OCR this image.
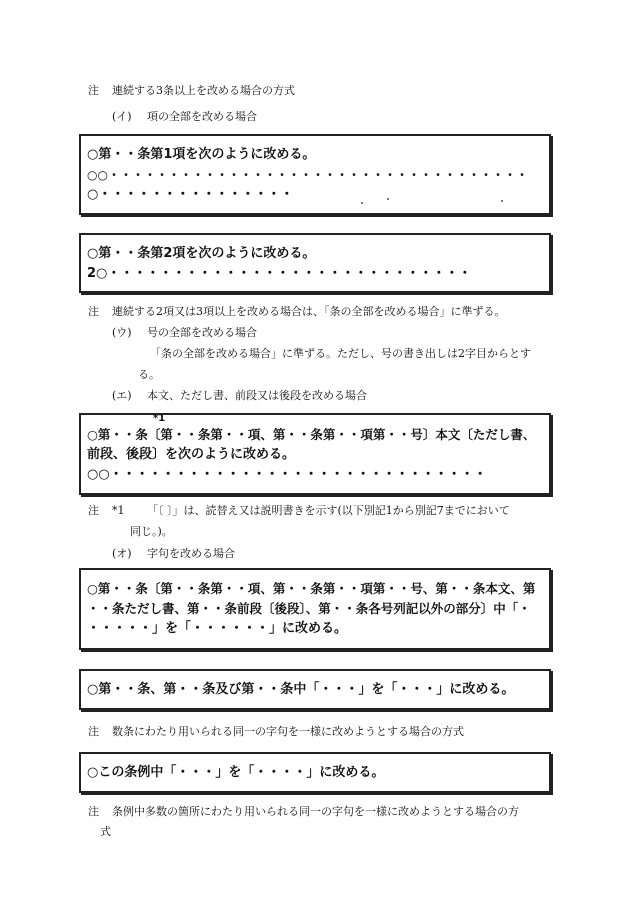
注 連続する3条以上を改める場合の方式
(イ) 項の全部を改める場合
○第・・条第1項を次のように改める。
○○・・・・・・・・・・・・・・・・・・・・・・・・・・・・・・・・・・・
○・・・・・・・・・・・・・・・
○第・・条第2項を次のように改める。
2○・・・・・・・・・・・・・・・・・・・・・・・・・・・・
注 連続する2項又は3項以上を改める場合は、「条の全部を改める場合」に準ずる。
(ウ) 号の全部を改める場合
「条の全部を改める場合」に準ずる。ただし、号の書き出しは2字目からとす
る。
(エ) 本文、ただし書、前段又は後段を改める場合
*1
○第・・条〔第・・条第・・項、第・・条第・・項第・・号〕本文〔ただし書、
前段、後段〕を次のように改める。
○○・・・・・・・・・・・・・・・・・・・・・・・・・・・・・
注 *1 「〔 〕」は、読替え又は説明書きを示す(以下別記1から別記7までにおいて
同じ。)。
(オ) 字句を改める場合
○第・・条〔第・・条第・・項、第・・条第・・項第・・号、第・・条本文、第
・・条ただし書、第・・条前段〔後段〕、第・・条各号列記以外の部分〕中「・
・・・・・」を「・・・・・・」に改める。
○第・・条、第・・条及び第・・条中「・・・」を「・・・」に改める。
注 数条にわたり用いられる同一の字句を一様に改めようとする場合の方式
○この条例中「・・・」を「・・・・」に改める。
注 条例中多数の箇所にわたり用いられる同一の字句を一様に改めようとする場合の方
式
